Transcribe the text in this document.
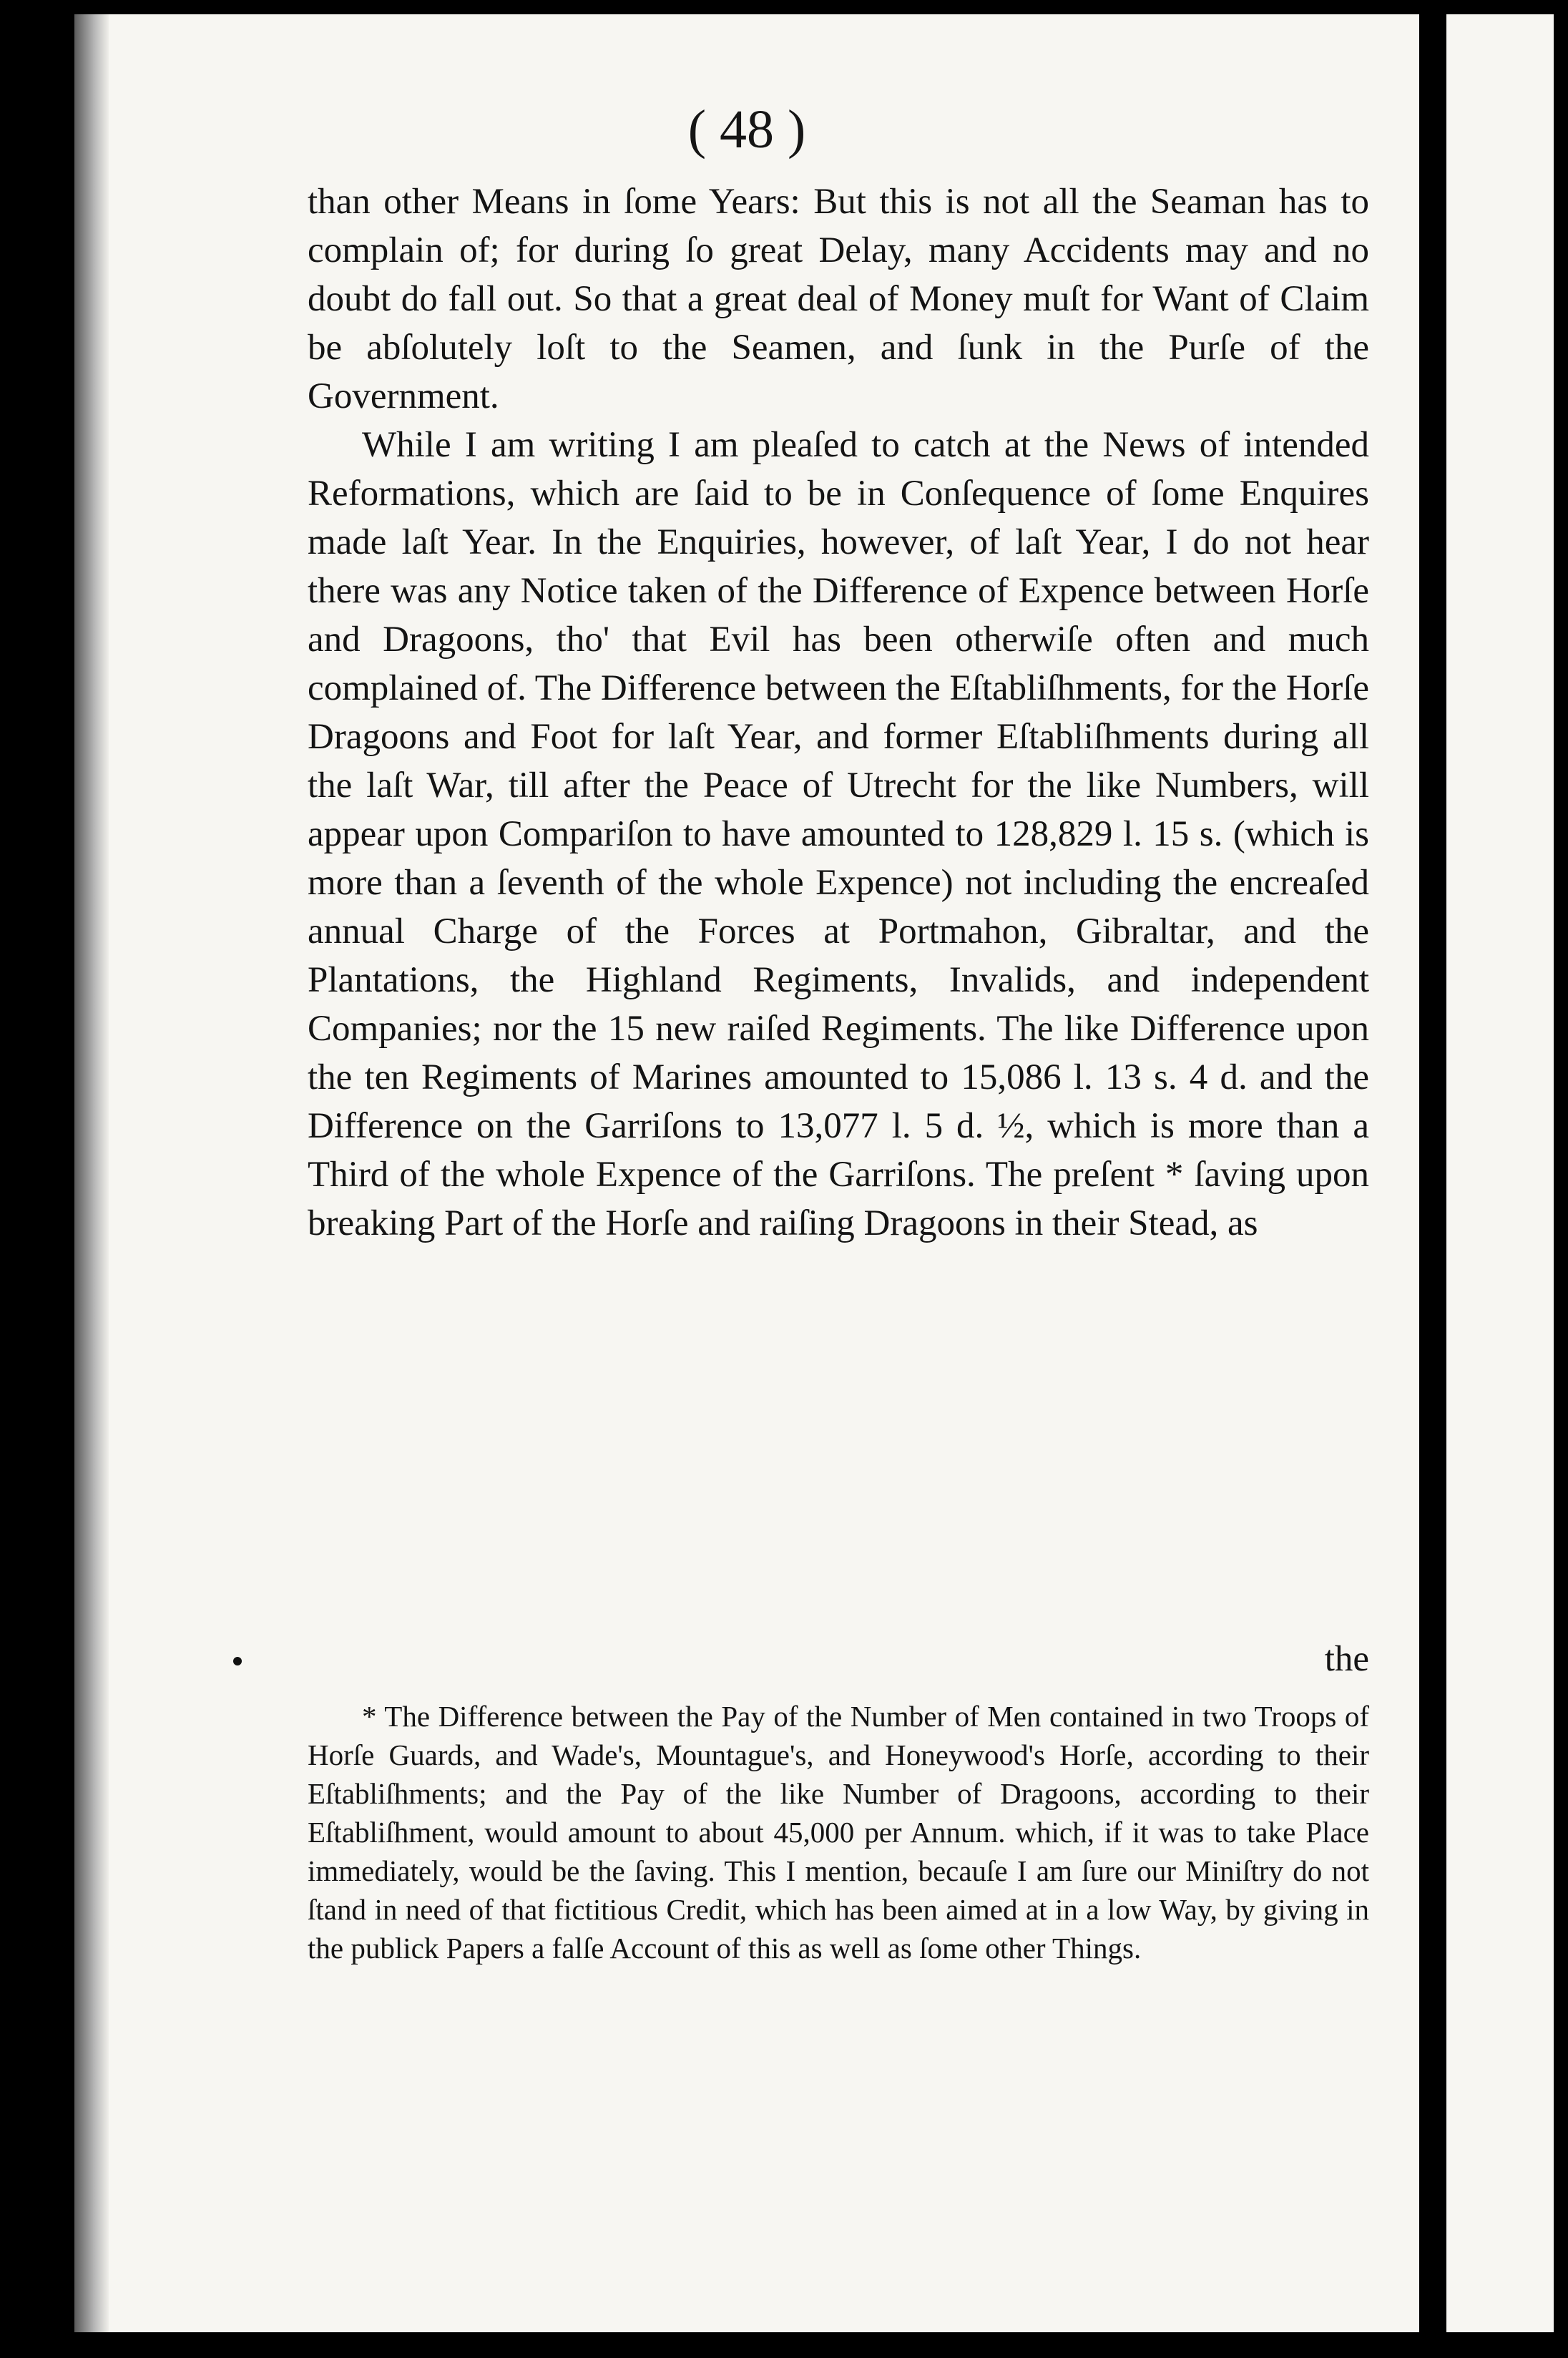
( 48 )

than other Means in ſome Years: But this is not all the Seaman has to complain of; for during ſo great Delay, many Accidents may and no doubt do fall out. So that a great deal of Money muſt for Want of Claim be abſolutely loſt to the Seamen, and ſunk in the Purſe of the Government.

While I am writing I am pleaſed to catch at the News of intended Reformations, which are ſaid to be in Conſequence of ſome Enquires made laſt Year. In the Enquiries, however, of laſt Year, I do not hear there was any Notice taken of the Difference of Expence between Horſe and Dragoons, tho' that Evil has been otherwiſe often and much complained of. The Difference between the Eſtabliſhments, for the Horſe Dragoons and Foot for laſt Year, and former Eſtabliſhments during all the laſt War, till after the Peace of Utrecht for the like Numbers, will appear upon Compariſon to have amounted to 128,829 l. 15 s. (which is more than a ſeventh of the whole Expence) not including the encreaſed annual Charge of the Forces at Portmahon, Gibraltar, and the Plantations, the Highland Regiments, Invalids, and independent Companies; nor the 15 new raiſed Regiments. The like Difference upon the ten Regiments of Marines amounted to 15,086 l. 13 s. 4 d. and the Difference on the Garriſons to 13,077 l. 5 d. ½, which is more than a Third of the whole Expence of the Garriſons. The preſent * ſaving upon breaking Part of the Horſe and raiſing Dragoons in their Stead, as

the
* The Difference between the Pay of the Number of Men contained in two Troops of Horſe Guards, and Wade's, Mountague's, and Honeywood's Horſe, according to their Eſtabliſhments; and the Pay of the like Number of Dragoons, according to their Eſtabliſhment, would amount to about 45,000 per Annum. which, if it was to take Place immediately, would be the ſaving. This I mention, becauſe I am ſure our Miniſtry do not ſtand in need of that fictitious Credit, which has been aimed at in a low Way, by giving in the publick Papers a falſe Account of this as well as ſome other Things.
